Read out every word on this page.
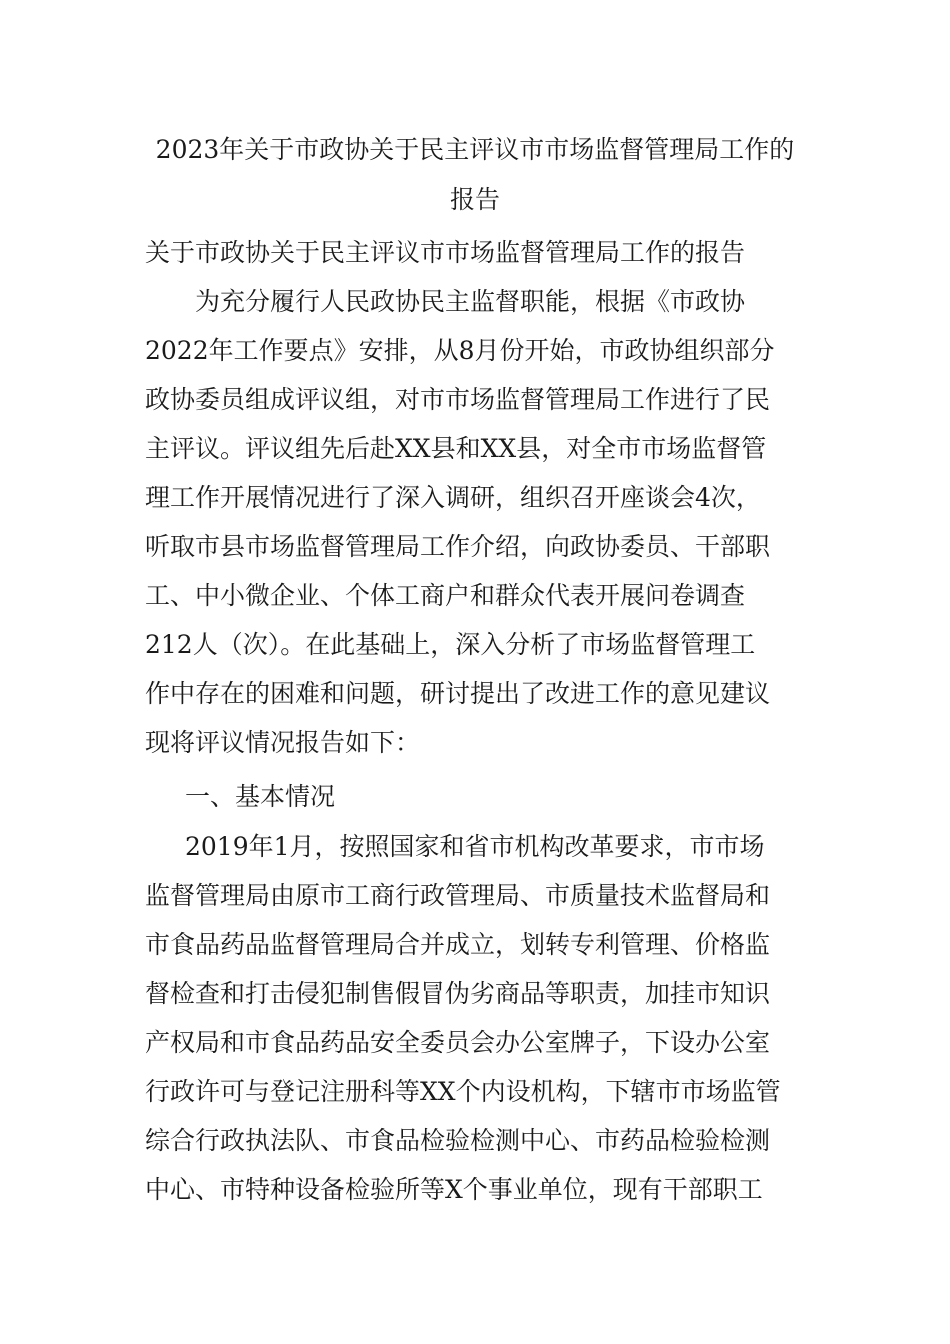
2023年关于市政协关于民主评议市市场监督管理局工作的
报告
关于市政协关于民主评议市市场监督管理局工作的报告
为充分履行人民政协民主监督职能，根据《市政协
2022年工作要点》安排，从8月份开始，市政协组织部分
政协委员组成评议组，对市市场监督管理局工作进行了民
主评议。评议组先后赴XX县和XX县，对全市市场监督管
理工作开展情况进行了深入调研，组织召开座谈会4次，
听取市县市场监督管理局工作介绍，向政协委员、干部职
工、中小微企业、个体工商户和群众代表开展问卷调查
212人（次）。在此基础上，深入分析了市场监督管理工
作中存在的困难和问题，研讨提出了改进工作的意见建议
现将评议情况报告如下：
一、基本情况
2019年1月，按照国家和省市机构改革要求，市市场
监督管理局由原市工商行政管理局、市质量技术监督局和
市食品药品监督管理局合并成立，划转专利管理、价格监
督检查和打击侵犯制售假冒伪劣商品等职责，加挂市知识
产权局和市食品药品安全委员会办公室牌子，下设办公室
行政许可与登记注册科等XX个内设机构，下辖市市场监管
综合行政执法队、市食品检验检测中心、市药品检验检测
中心、市特种设备检验所等X个事业单位，现有干部职工
